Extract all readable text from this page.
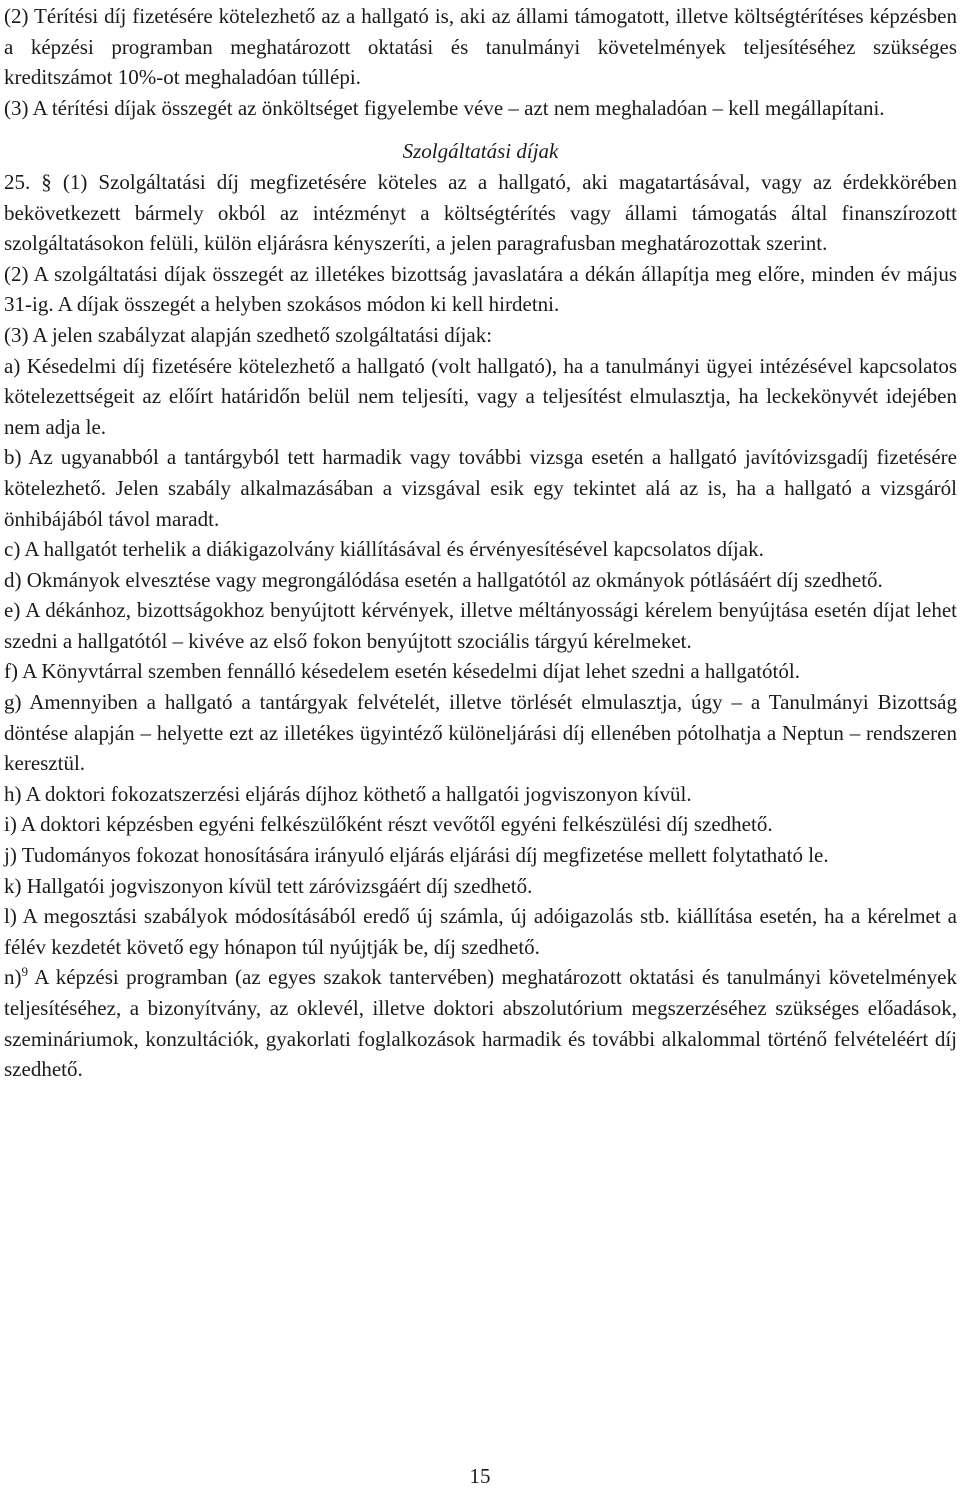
(2) Térítési díj fizetésére kötelezhető az a hallgató is, aki az állami támogatott, illetve költségtérítéses képzésben a képzési programban meghatározott oktatási és tanulmányi követelmények teljesítéséhez szükséges kreditszámot 10%-ot meghaladóan túllépi.

(3) A térítési díjak összegét az önköltséget figyelembe véve – azt nem meghaladóan – kell megállapítani.

Szolgáltatási díjak

25. § (1) Szolgáltatási díj megfizetésére köteles az a hallgató, aki magatartásával, vagy az érdekkörében bekövetkezett bármely okból az intézményt a költségtérítés vagy állami támogatás által finanszírozott szolgáltatásokon felüli, külön eljárásra kényszeríti, a jelen paragrafusban meghatározottak szerint.

(2) A szolgáltatási díjak összegét az illetékes bizottság javaslatára a dékán állapítja meg előre, minden év május 31-ig. A díjak összegét a helyben szokásos módon ki kell hirdetni.

(3) A jelen szabályzat alapján szedhető szolgáltatási díjak:

a) Késedelmi díj fizetésére kötelezhető a hallgató (volt hallgató), ha a tanulmányi ügyei intézésével kapcsolatos kötelezettségeit az előírt határidőn belül nem teljesíti, vagy a teljesítést elmulasztja, ha leckekönyvét idejében nem adja le.

b) Az ugyanabból a tantárgyból tett harmadik vagy további vizsga esetén a hallgató javítóvizsgadíj fizetésére kötelezhető. Jelen szabály alkalmazásában a vizsgával esik egy tekintet alá az is, ha a hallgató a vizsgáról önhibájából távol maradt.

c) A hallgatót terhelik a diákigazolvány kiállításával és érvényesítésével kapcsolatos díjak.

d) Okmányok elvesztése vagy megrongálódása esetén a hallgatótól az okmányok pótlásáért díj szedhető.

e) A dékánhoz, bizottságokhoz benyújtott kérvények, illetve méltányossági kérelem benyújtása esetén díjat lehet szedni a hallgatótól – kivéve az első fokon benyújtott szociális tárgyú kérelmeket.

f) A Könyvtárral szemben fennálló késedelem esetén késedelmi díjat lehet szedni a hallgatótól.

g) Amennyiben a hallgató a tantárgyak felvételét, illetve törlését elmulasztja, úgy – a Tanulmányi Bizottság döntése alapján – helyette ezt az illetékes ügyintéző különeljárási díj ellenében pótolhatja a Neptun – rendszeren keresztül.

h) A doktori fokozatszerzési eljárás díjhoz köthető a hallgatói jogviszonyon kívül.

i) A doktori képzésben egyéni felkészülőként részt vevőtől egyéni felkészülési díj szedhető.

j) Tudományos fokozat honosítására irányuló eljárás eljárási díj megfizetése mellett folytatható le.

k) Hallgatói jogviszonyon kívül tett záróvizsgáért díj szedhető.

l) A megosztási szabályok módosításából eredő új számla, új adóigazolás stb. kiállítása esetén, ha a kérelmet a félév kezdetét követő egy hónapon túl nyújtják be, díj szedhető.

n)$^9$ A képzési programban (az egyes szakok tantervében) meghatározott oktatási és tanulmányi követelmények teljesítéséhez, a bizonyítvány, az oklevél, illetve doktori abszolutórium megszerzéséhez szükséges előadások, szemináriumok, konzultációk, gyakorlati foglalkozások harmadik és további alkalommal történő felvételéért díj szedhető.

15
